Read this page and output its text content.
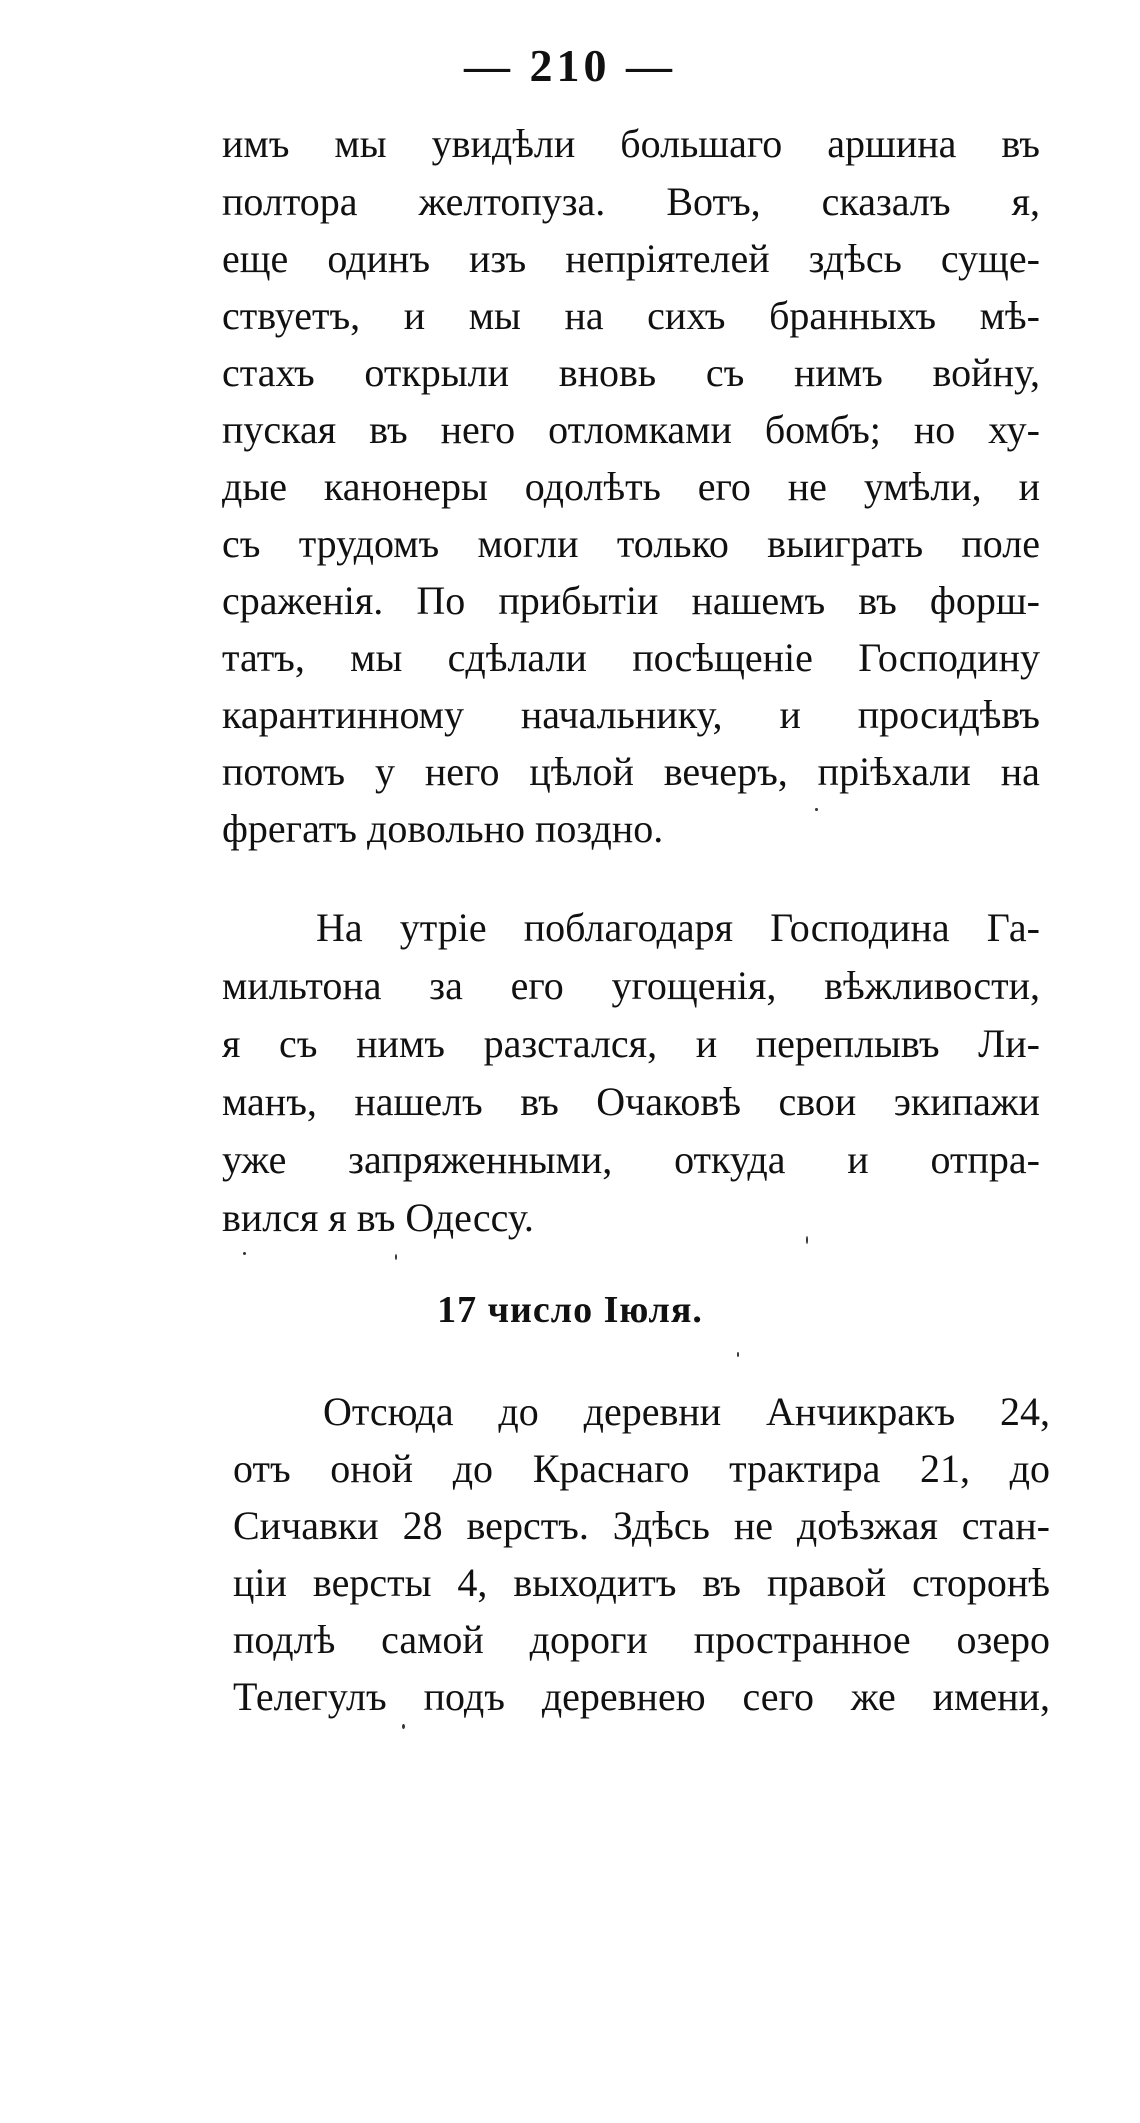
— 210 —
имъ мы увидѣли большаго аршина въ
полтора желтопуза. Вотъ, сказалъ я,
еще одинъ изъ непріятелей здѣсь суще-
ствуетъ, и мы на сихъ бранныхъ мѣ-
стахъ открыли вновь съ нимъ войну,
пуская въ него отломками бомбъ; но ху-
дые канонеры одолѣть его не умѣли, и
съ трудомъ могли только выиграть поле
сраженія. По прибытіи нашемъ въ форш-
татъ, мы сдѣлали посѣщеніе Господину
карантинному начальнику, и просидѣвъ
потомъ у него цѣлой вечеръ, пріѣхали на
фрегатъ довольно поздно.
На утріе поблагодаря Господина Га-
мильтона за его угощенія, вѣжливости,
я съ нимъ разстался, и переплывъ Ли-
манъ, нашелъ въ Очаковѣ свои экипажи
уже запряженными, откуда и отпра-
вился я въ Одессу.
17 число Іюля.
Отсюда до деревни Анчикракъ 24,
отъ оной до Краснаго трактира 21, до
Сичавки 28 верстъ. Здѣсь не доѣзжая стан-
ціи версты 4, выходитъ въ правой сторонѣ
подлѣ самой дороги пространное озеро
Телегулъ подъ деревнею сего же имени,
